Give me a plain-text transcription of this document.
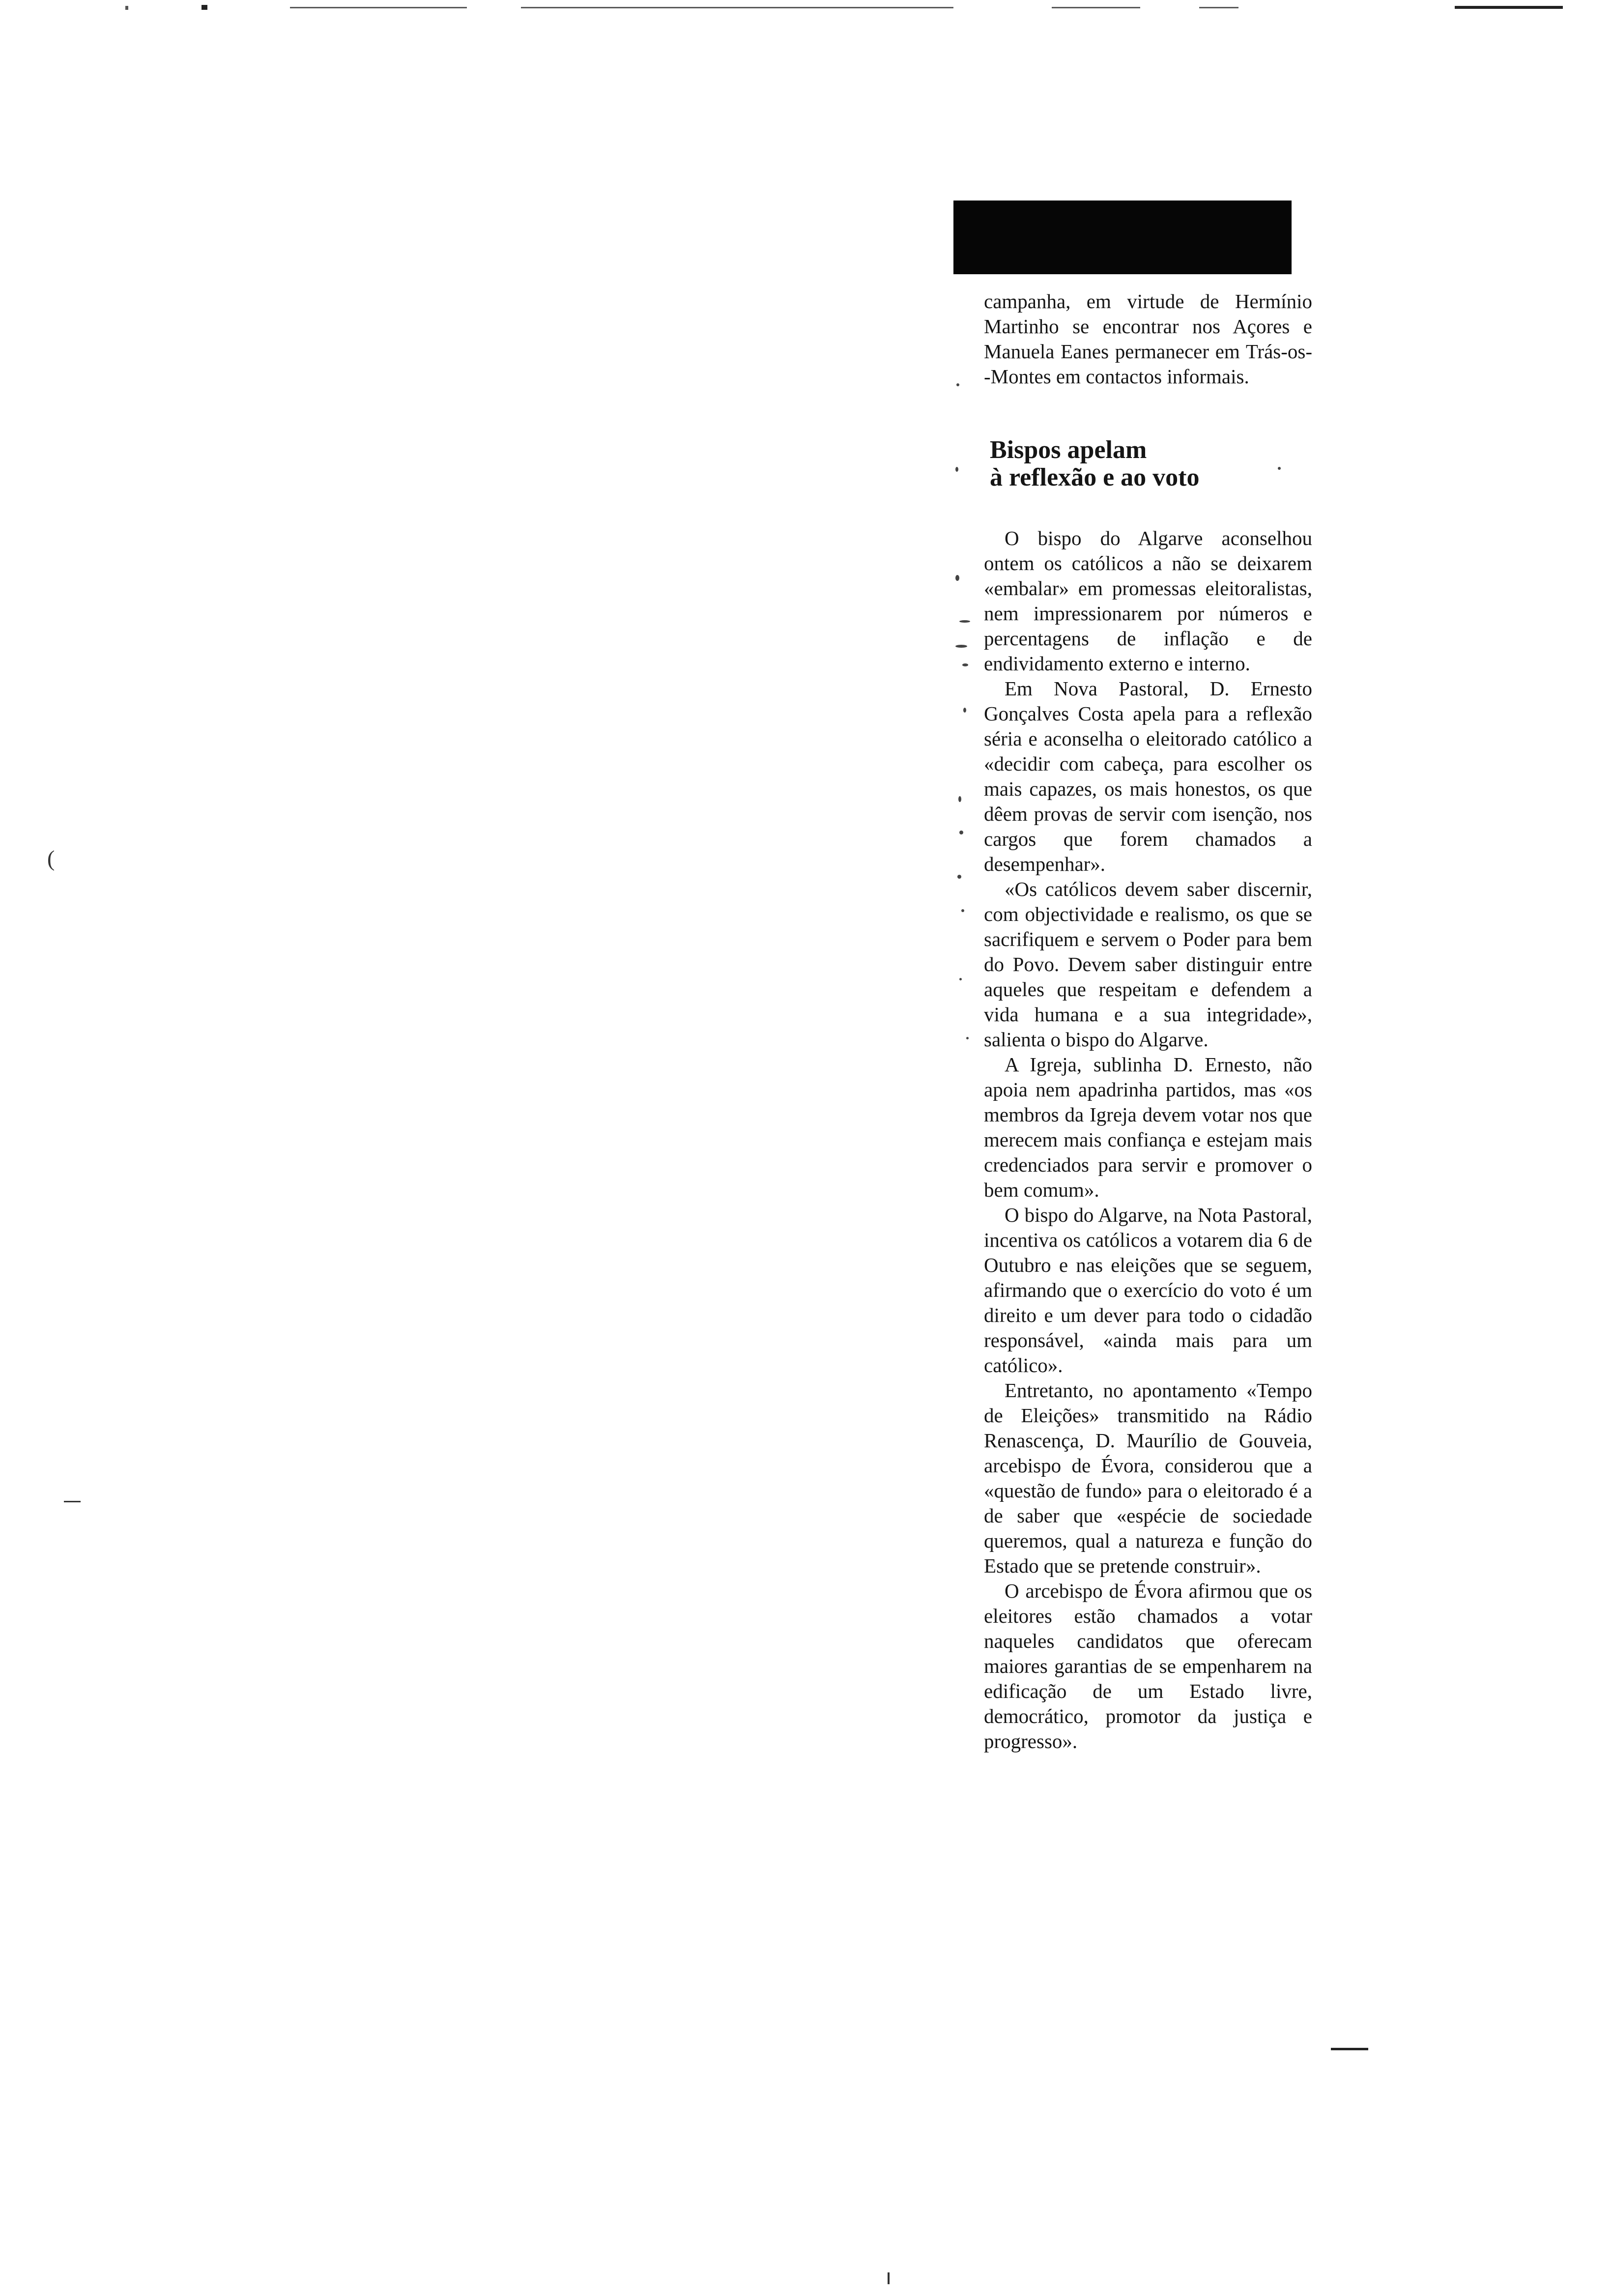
(

campanha, em virtude de Hermínio Martinho se encontrar nos Açores e Manuela Eanes permanecer em Trás-os--Montes em contactos informais.

Bispos apelam
à reflexão e ao voto

O bispo do Algarve aconselhou ontem os católicos a não se deixarem «embalar» em promessas eleitoralistas, nem impressionarem por números e percentagens de inflação e de endividamento externo e interno.

Em Nova Pastoral, D. Ernesto Gonçalves Costa apela para a reflexão séria e aconselha o eleitorado católico a «decidir com cabeça, para escolher os mais capazes, os mais honestos, os que dêem provas de servir com isenção, nos cargos que forem chamados a desempenhar».

«Os católicos devem saber discernir, com objectividade e realismo, os que se sacrifiquem e servem o Poder para bem do Povo. Devem saber distinguir entre aqueles que respeitam e defendem a vida humana e a sua integridade», salienta o bispo do Algarve.

A Igreja, sublinha D. Ernesto, não apoia nem apadrinha partidos, mas «os membros da Igreja devem votar nos que merecem mais confiança e estejam mais credenciados para servir e promover o bem comum».

O bispo do Algarve, na Nota Pastoral, incentiva os católicos a votarem dia 6 de Outubro e nas eleições que se seguem, afirmando que o exercício do voto é um direito e um dever para todo o cidadão responsável, «ainda mais para um católico».

Entretanto, no apontamento «Tempo de Eleições» transmitido na Rádio Renascença, D. Maurílio de Gouveia, arcebispo de Évora, considerou que a «questão de fundo» para o eleitorado é a de saber que «espécie de sociedade queremos, qual a natureza e função do Estado que se pretende construir».

O arcebispo de Évora afirmou que os eleitores estão chamados a votar naqueles candidatos que oferecam maiores garantias de se empenharem na edificação de um Estado livre, democrático, promotor da justiça e progresso».
